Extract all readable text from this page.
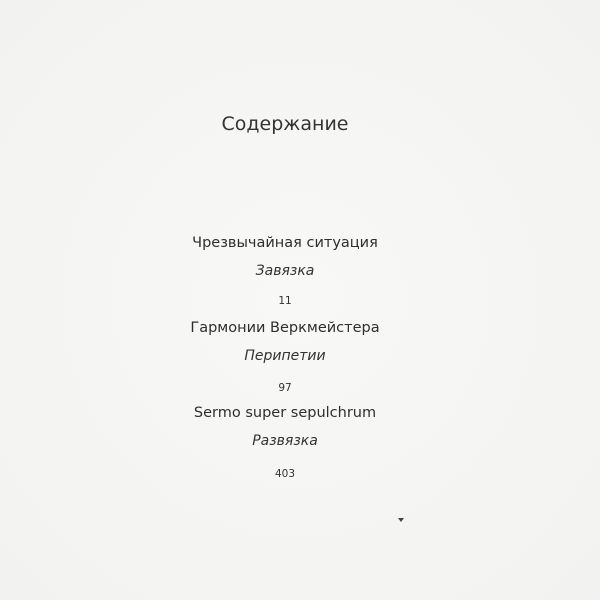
Содержание
Чрезвычайная ситуация
Завязка
11
Гармонии Веркмейстера
Перипетии
97
Sermo super sepulchrum
Развязка
403
